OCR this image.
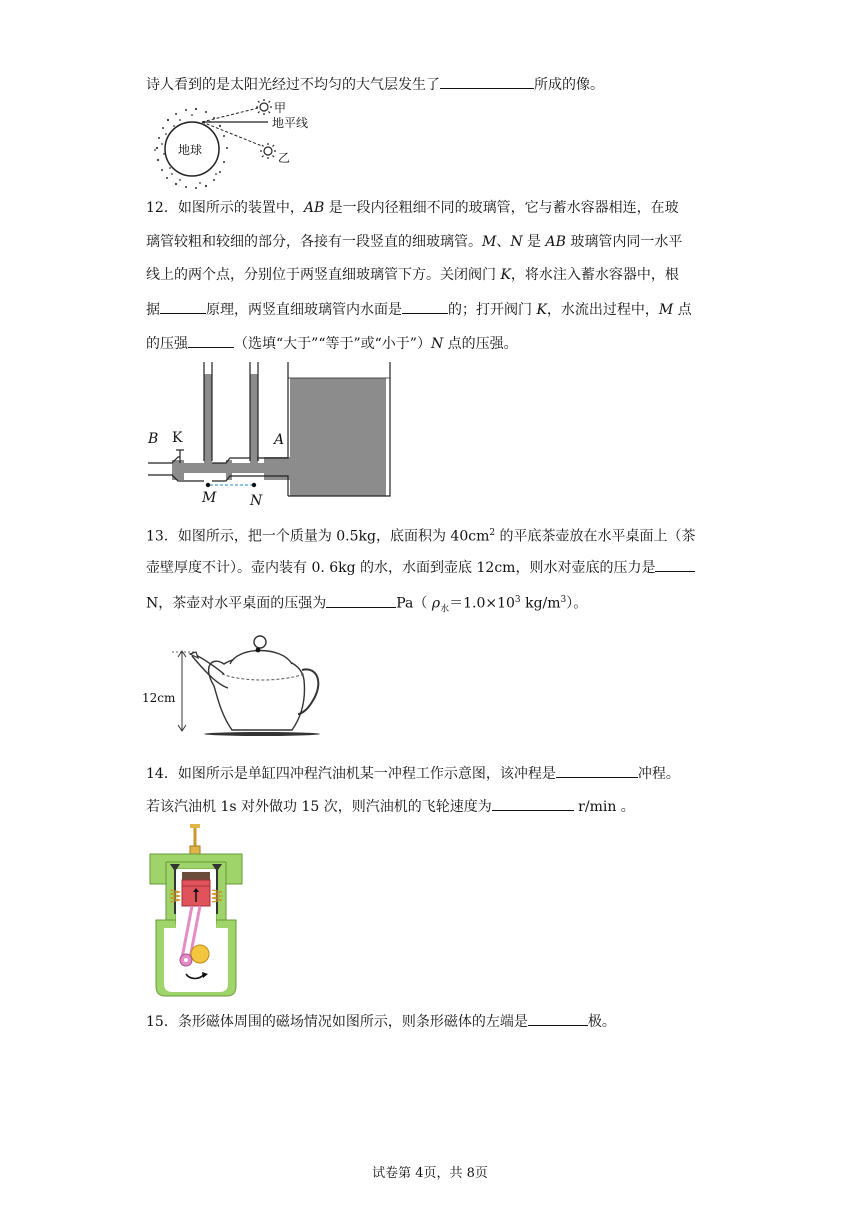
诗人看到的是太阳光经过不均匀的大气层发生了	所成的像。
地球
甲
地平线
乙
12．如图所示的装置中，AB 是一段内径粗细不同的玻璃管，它与蓄水容器相连，在玻
璃管较粗和较细的部分，各接有一段竖直的细玻璃管。M、N 是 AB 玻璃管内同一水平
线上的两个点，分别位于两竖直细玻璃管下方。关闭阀门 K，将水注入蓄水容器中，根
据	原理，两竖直细玻璃管内水面是	的；打开阀门 K，水流出过程中，M 点
的压强	（选填“大于”“等于”或“小于”）N 点的压强。
B K	A
M N
13．如图所示，把一个质量为 0.5kg，底面积为 $40cm^2$ 的平底茶壶放在水平桌面上（茶
壶壁厚度不计）。壶内装有 0. 6kg 的水，水面到壶底 12cm，则水对壶底的压力是
N，茶壶对水平桌面的压强为	Pa（ $\rho_水=1.0\times 10^3$ $kg/m^3$）。
12cm
14．如图所示是单缸四冲程汽油机某一冲程工作示意图，该冲程是	冲程。
若该汽油机 1s 对外做功 15 次，则汽油机的飞轮速度为	r/min 。
15．条形磁体周围的磁场情况如图所示，则条形磁体的左端是	极。
试卷第 4页，共 8页
